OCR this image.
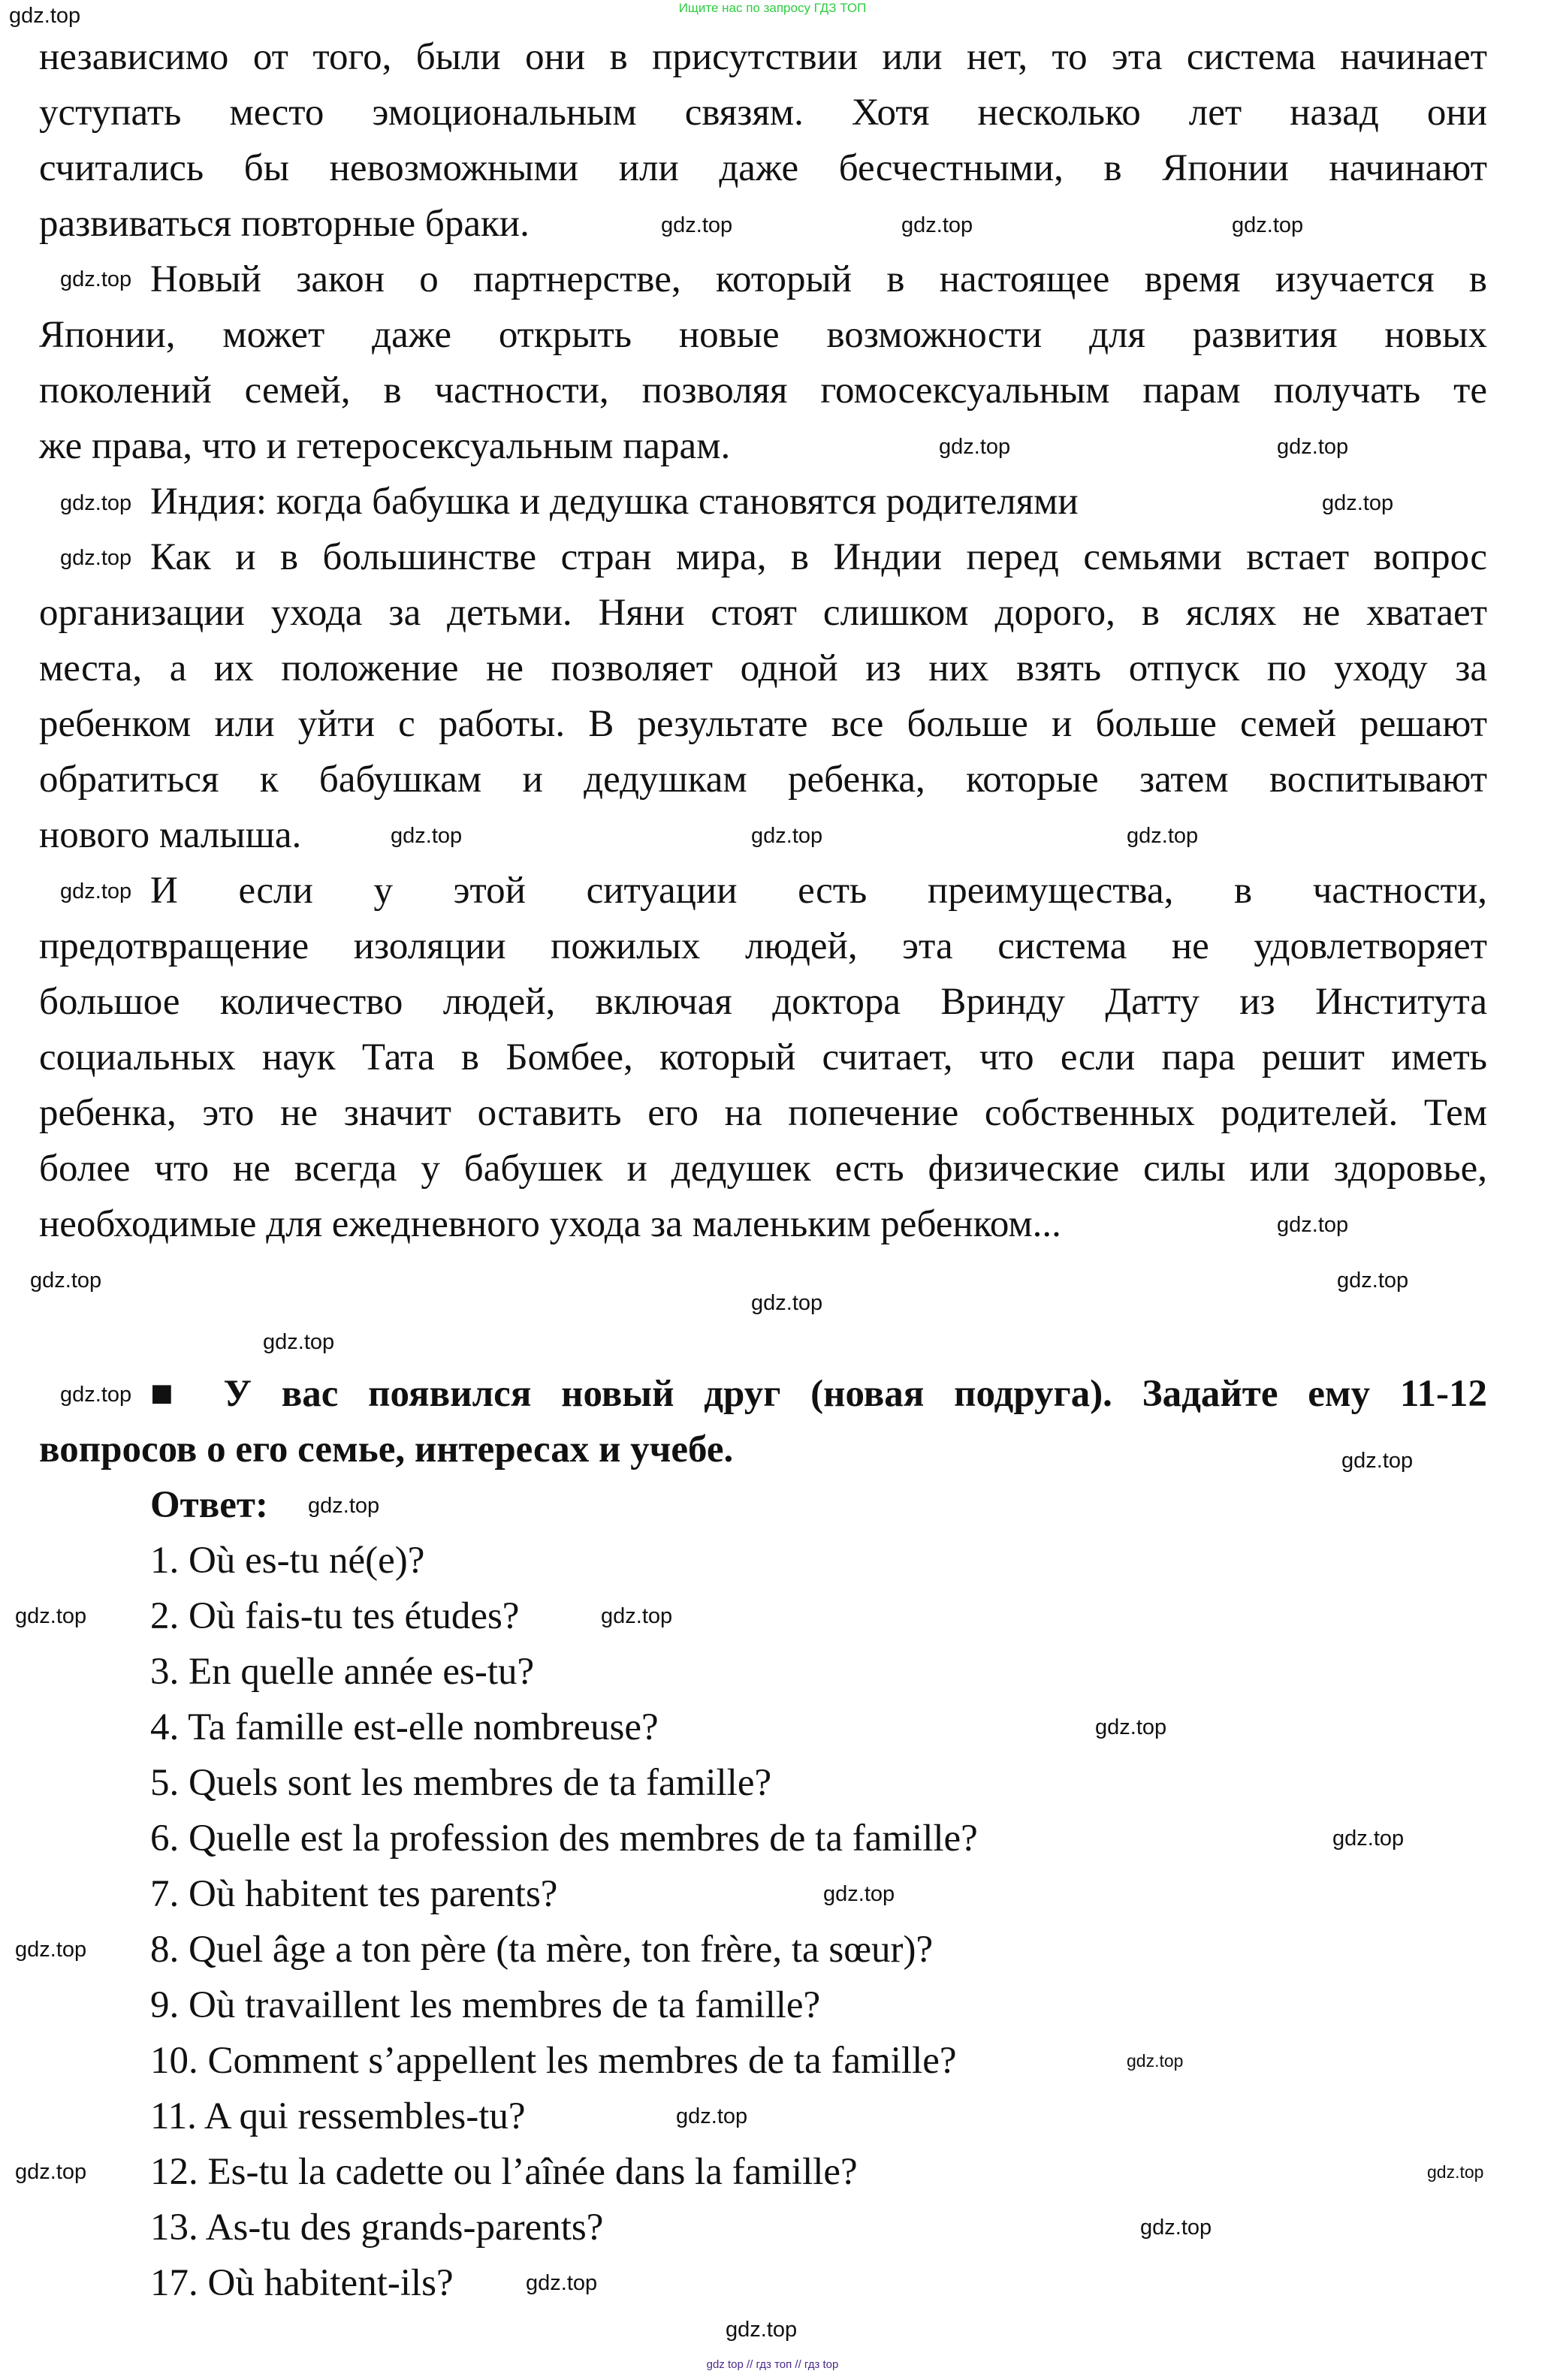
Ищите нас по запросу ГДЗ ТОП
независимо от того, были они в присутствии или нет, то эта система начинает
уступать место эмоциональным связям. Хотя несколько лет назад они
считались бы невозможными или даже бесчестными, в Японии начинают
развиваться повторные браки.
Новый закон о партнерстве, который в настоящее время изучается в
Японии, может даже открыть новые возможности для развития новых
поколений семей, в частности, позволяя гомосексуальным парам получать те
же права, что и гетеросексуальным парам.
Индия: когда бабушка и дедушка становятся родителями
Как и в большинстве стран мира, в Индии перед семьями встает вопрос
организации ухода за детьми. Няни стоят слишком дорого, в яслях не хватает
места, а их положение не позволяет одной из них взять отпуск по уходу за
ребенком или уйти с работы. В результате все больше и больше семей решают
обратиться к бабушкам и дедушкам ребенка, которые затем воспитывают
нового малыша.
И если у этой ситуации есть преимущества, в частности,
предотвращение изоляции пожилых людей, эта система не удовлетворяет
большое количество людей, включая доктора Вринду Датту из Института
социальных наук Тата в Бомбее, который считает, что если пара решит иметь
ребенка, это не значит оставить его на попечение собственных родителей. Тем
более что не всегда у бабушек и дедушек есть физические силы или здоровье,
необходимые для ежедневного ухода за маленьким ребенком...
■ У вас появился новый друг (новая подруга). Задайте ему 11-12
вопросов о его семье, интересах и учебе.
Ответ:
1. Où es-tu né(e)?
2. Où fais-tu tes études?
3. En quelle année es-tu?
4. Ta famille est-elle nombreuse?
5. Quels sont les membres de ta famille?
6. Quelle est la profession des membres de ta famille?
7. Où habitent tes parents?
8. Quel âge a ton père (ta mère, ton frère, ta sœur)?
9. Où travaillent les membres de ta famille?
10. Comment s’appellent les membres de ta famille?
11. A qui ressembles-tu?
12. Es-tu la cadette ou l’aînée dans la famille?
13. As-tu des grands-parents?
17. Où habitent-ils?
gdz.top
gdz.top	gdz.top	gdz.top
gdz.top
gdz.top	gdz.top
gdz.top
gdz.top
gdz.top
gdz.top	gdz.top	gdz.top
gdz.top
gdz.top
gdz.top
gdz.top
gdz.top
gdz.top
gdz.top
gdz.top
gdz.top
gdz.top	gdz.top
gdz.top
gdz.top
gdz.top
gdz.top
gdz.top
gdz.top
gdz.top	gdz.top
gdz.top
gdz.top
gdz.top
gdz top // гдз топ // гдз top
